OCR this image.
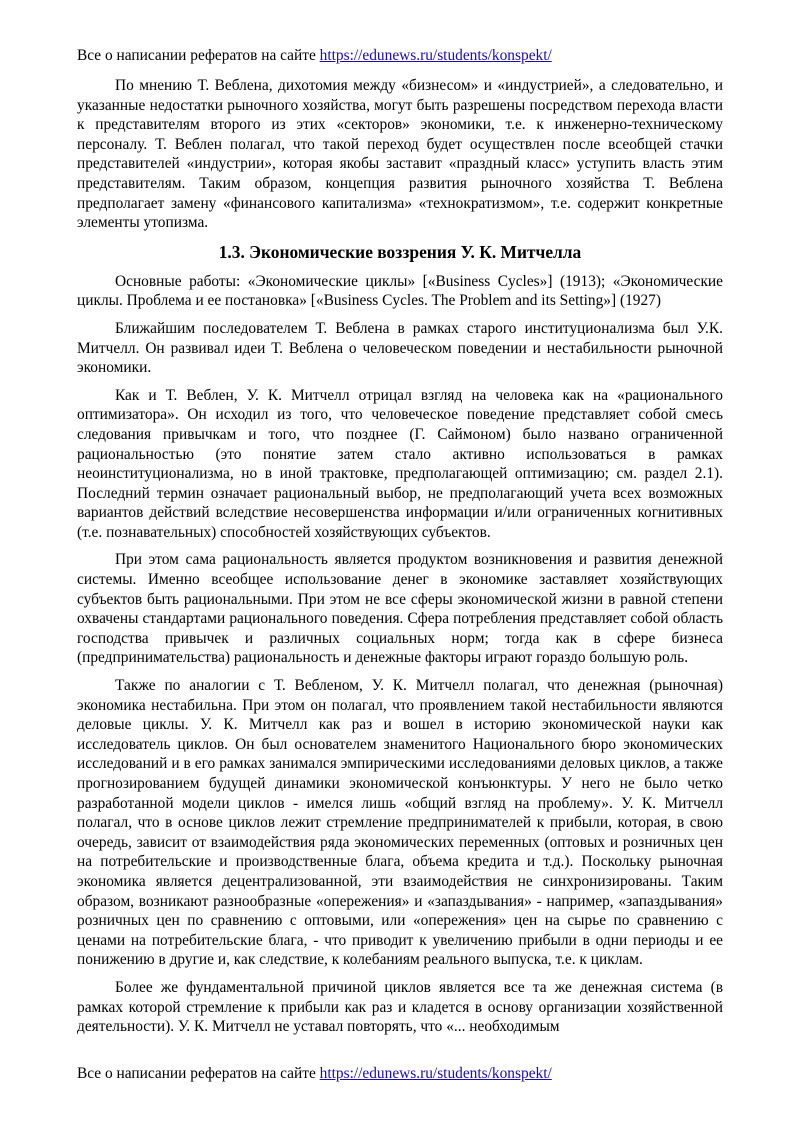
Все о написании рефератов на сайте https://edunews.ru/students/konspekt/

По мнению Т. Веблена, дихотомия между «бизнесом» и «индустрией», а следовательно, и указанные недостатки рыночного хозяйства, могут быть разрешены посредством перехода власти к представителям второго из этих «секторов» экономики, т.е. к инженерно-техническому персоналу. Т. Веблен полагал, что такой переход будет осуществлен после всеобщей стачки представителей «индустрии», которая якобы заставит «праздный класс» уступить власть этим представителям. Таким образом, концепция развития рыночного хозяйства Т. Веблена предполагает замену «финансового капитализма» «технократизмом», т.е. содержит конкретные элементы утопизма.

1.3. Экономические воззрения У. К. Митчелла

Основные работы: «Экономические циклы» [«Business Cycles»] (1913); «Экономические циклы. Проблема и ее постановка» [«Business Cycles. The Problem and its Setting»] (1927)

Ближайшим последователем Т. Веблена в рамках старого институционализма был У.К. Митчелл. Он развивал идеи Т. Веблена о человеческом поведении и нестабильности рыночной экономики.

Как и Т. Веблен, У. К. Митчелл отрицал взгляд на человека как на «рационального оптимизатора». Он исходил из того, что человеческое поведение представляет собой смесь следования привычкам и того, что позднее (Г. Саймоном) было названо ограниченной рациональностью (это понятие затем стало активно использоваться в рамках неоинституционализма, но в иной трактовке, предполагающей оптимизацию; см. раздел 2.1). Последний термин означает рациональный выбор, не предполагающий учета всех возможных вариантов действий вследствие несовершенства информации и/или ограниченных когнитивных (т.е. познавательных) способностей хозяйствующих субъектов.

При этом сама рациональность является продуктом возникновения и развития денежной системы. Именно всеобщее использование денег в экономике заставляет хозяйствующих субъектов быть рациональными. При этом не все сферы экономической жизни в равной степени охвачены стандартами рационального поведения. Сфера потребления представляет собой область господства привычек и различных социальных норм; тогда как в сфере бизнеса (предпринимательства) рациональность и денежные факторы играют гораздо большую роль.

Также по аналогии с Т. Вебленом, У. К. Митчелл полагал, что денежная (рыночная) экономика нестабильна. При этом он полагал, что проявлением такой нестабильности являются деловые циклы. У. К. Митчелл как раз и вошел в историю экономической науки как исследователь циклов. Он был основателем знаменитого Национального бюро экономических исследований и в его рамках занимался эмпирическими исследованиями деловых циклов, а также прогнозированием будущей динамики экономической конъюнктуры. У него не было четко разработанной модели циклов - имелся лишь «общий взгляд на проблему». У. К. Митчелл полагал, что в основе циклов лежит стремление предпринимателей к прибыли, которая, в свою очередь, зависит от взаимодействия ряда экономических переменных (оптовых и розничных цен на потребительские и производственные блага, объема кредита и т.д.). Поскольку рыночная экономика является децентрализованной, эти взаимодействия не синхронизированы. Таким образом, возникают разнообразные «опережения» и «запаздывания» - например, «запаздывания» розничных цен по сравнению с оптовыми, или «опережения» цен на сырье по сравнению с ценами на потребительские блага, - что приводит к увеличению прибыли в одни периоды и ее понижению в другие и, как следствие, к колебаниям реального выпуска, т.е. к циклам.

Более же фундаментальной причиной циклов является все та же денежная система (в рамках которой стремление к прибыли как раз и кладется в основу организации хозяйственной деятельности). У. К. Митчелл не уставал повторять, что «... необходимым

Все о написании рефератов на сайте https://edunews.ru/students/konspekt/
